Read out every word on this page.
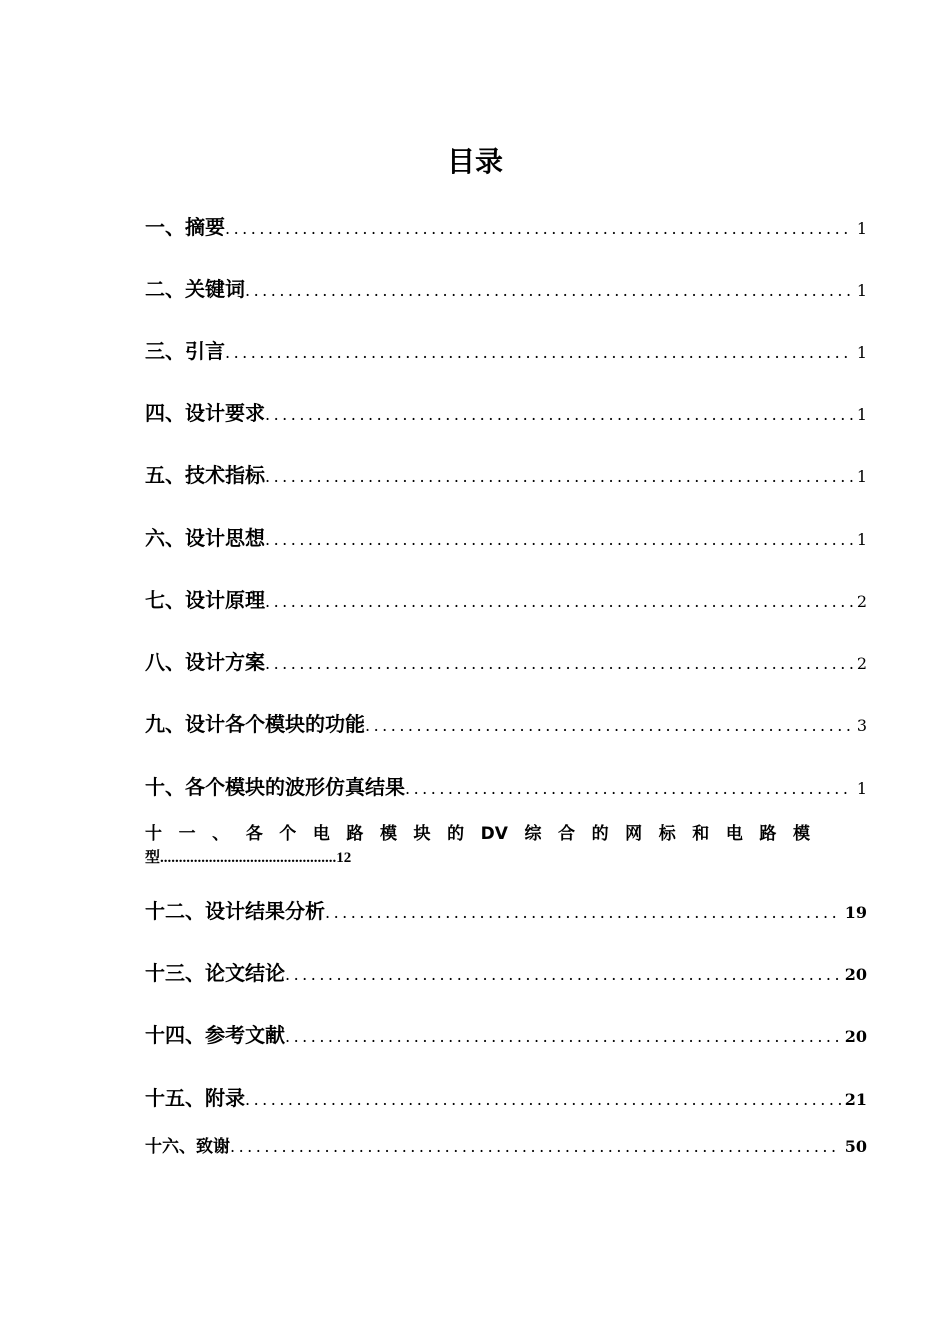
目录
一、摘要 .....	1
二、关键词 .....	1
三、引言 .....	1
四、设计要求 .....	1
五、技术指标 .....	1
六、设计思想 .....	1
七、设计原理 .....	2
八、设计方案 .....	2
九、设计各个模块的功能 .....	3
十、各个模块的波形仿真结果 .....	1
十 一 、 各 个 电 路 模 块 的 DV 综 合 的 网 标 和 电 路 模
型...............................................12
十二、设计结果分析 .....	19
十三、论文结论 .....	20
十四、参考文献 .....	20
十五、附录 .....	21
十六、致谢 .....	50
